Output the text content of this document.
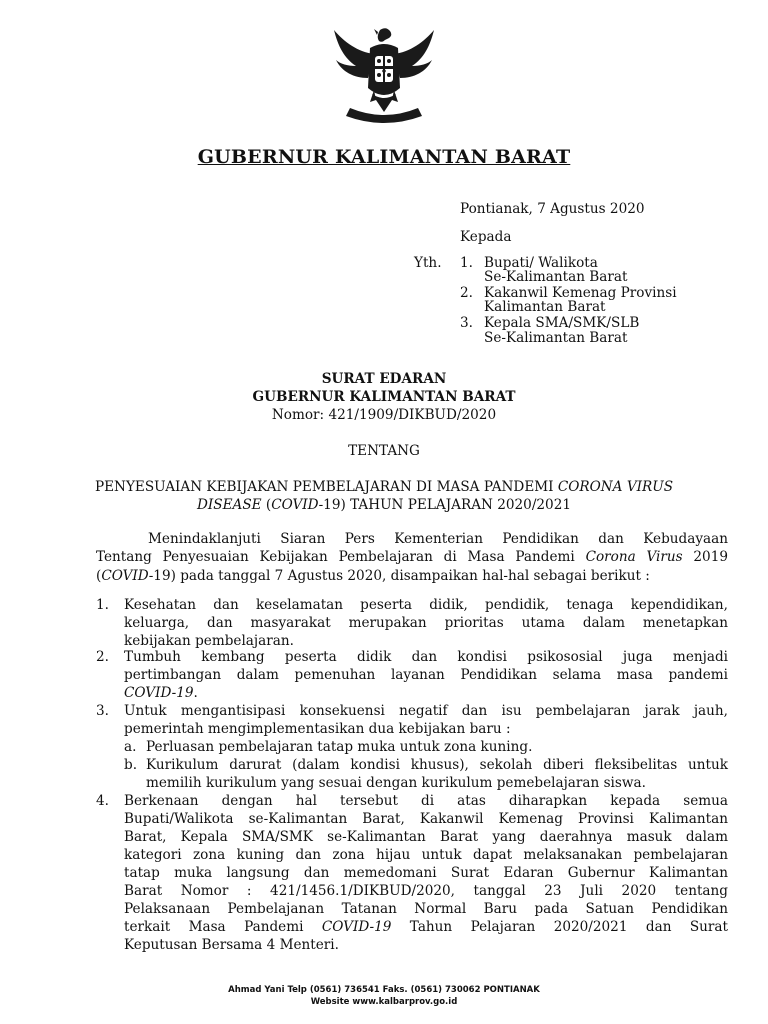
GUBERNUR KALIMANTAN BARAT
Pontianak, 7 Agustus 2020
Kepada
Yth. 1. Bupati/ Walikota
Se-Kalimantan Barat
2. Kakanwil Kemenag Provinsi
Kalimantan Barat
3. Kepala SMA/SMK/SLB
Se-Kalimantan Barat
SURAT EDARAN
GUBERNUR KALIMANTAN BARAT
Nomor: 421/1909/DIKBUD/2020
TENTANG
PENYESUAIAN KEBIJAKAN PEMBELAJARAN DI MASA PANDEMI CORONA VIRUS
DISEASE (COVID-19) TAHUN PELAJARAN 2020/2021
Menindaklanjuti Siaran Pers Kementerian Pendidikan dan Kebudayaan
Tentang Penyesuaian Kebijakan Pembelajaran di Masa Pandemi Corona Virus 2019
(COVID-19) pada tanggal 7 Agustus 2020, disampaikan hal-hal sebagai berikut :
1. Kesehatan dan keselamatan peserta didik, pendidik, tenaga kependidikan,
keluarga, dan masyarakat merupakan prioritas utama dalam menetapkan
kebijakan pembelajaran.
2. Tumbuh kembang peserta didik dan kondisi psikososial juga menjadi
pertimbangan dalam pemenuhan layanan Pendidikan selama masa pandemi
COVID-19.
3. Untuk mengantisipasi konsekuensi negatif dan isu pembelajaran jarak jauh,
pemerintah mengimplementasikan dua kebijakan baru :
a. Perluasan pembelajaran tatap muka untuk zona kuning.
b. Kurikulum darurat (dalam kondisi khusus), sekolah diberi fleksibelitas untuk
memilih kurikulum yang sesuai dengan kurikulum pemebelajaran siswa.
4. Berkenaan dengan hal tersebut di atas diharapkan kepada semua
Bupati/Walikota se-Kalimantan Barat, Kakanwil Kemenag Provinsi Kalimantan
Barat, Kepala SMA/SMK se-Kalimantan Barat yang daerahnya masuk dalam
kategori zona kuning dan zona hijau untuk dapat melaksanakan pembelajaran
tatap muka langsung dan memedomani Surat Edaran Gubernur Kalimantan
Barat Nomor : 421/1456.1/DIKBUD/2020, tanggal 23 Juli 2020 tentang
Pelaksanaan Pembelajanan Tatanan Normal Baru pada Satuan Pendidikan
terkait Masa Pandemi COVID-19 Tahun Pelajaran 2020/2021 dan Surat
Keputusan Bersama 4 Menteri.
Ahmad Yani Telp (0561) 736541 Faks. (0561) 730062 PONTIANAK
Website www.kalbarprov.go.id
